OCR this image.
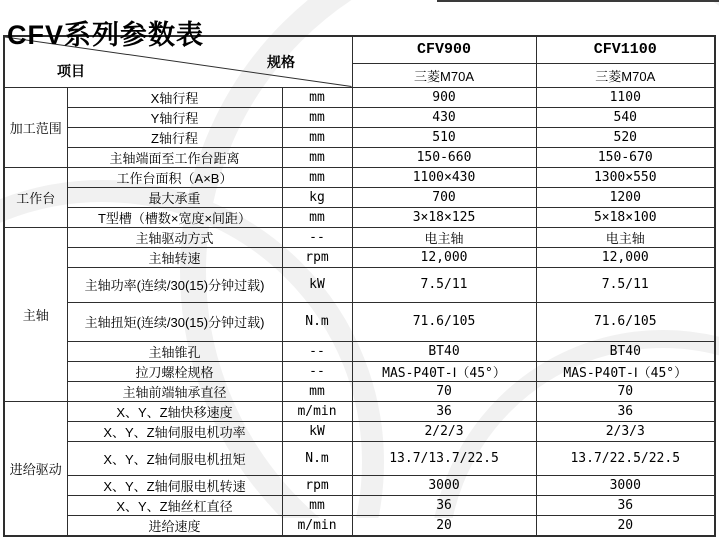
CFV系列参数表
项目
规格			CFV900	CFV1100
			三菱M70A	三菱M70A
加工范围	X轴行程	mm	900	1100
	Y轴行程	mm	430	540
	Z轴行程	mm	510	520
	主轴端面至工作台距离	mm	150-660	150-670
工作台	工作台面积（A×B）	mm	1100×430	1300×550
	最大承重	kg	700	1200
	T型槽（槽数×宽度×间距）	mm	3×18×125	5×18×100
主轴	主轴驱动方式	--	电主轴	电主轴
	主轴转速	rpm	12,000	12,000
	主轴功率(连续/30(15)分钟过载)	kW	7.5/11	7.5/11
	主轴扭矩(连续/30(15)分钟过载)	N.m	71.6/105	71.6/105
	主轴锥孔	--	BT40	BT40
	拉刀螺栓规格	--	MAS-P40T-Ⅰ（45°）	MAS-P40T-Ⅰ（45°）
	主轴前端轴承直径	mm	70	70
进给驱动	X、Y、Z轴快移速度	m/min	36	36
	X、Y、Z轴伺服电机功率	kW	2/2/3	2/3/3
	X、Y、Z轴伺服电机扭矩	N.m	13.7/13.7/22.5	13.7/22.5/22.5
	X、Y、Z轴伺服电机转速	rpm	3000	3000
	X、Y、Z轴丝杠直径	mm	36	36
	进给速度	m/min	20	20
